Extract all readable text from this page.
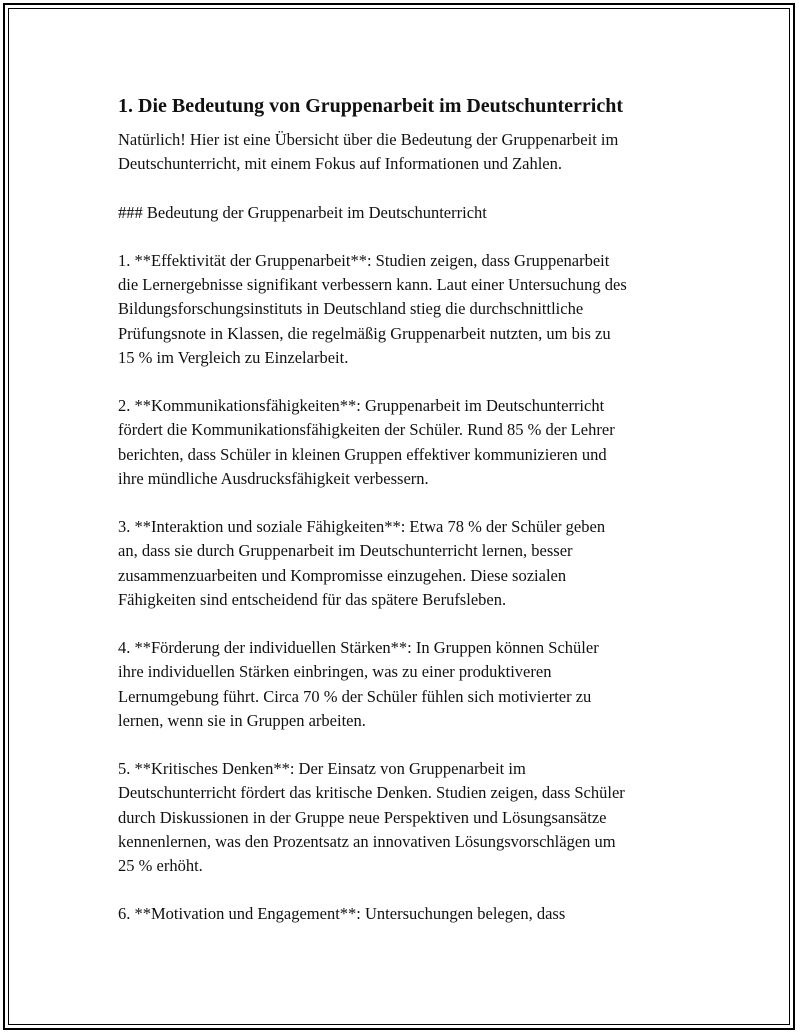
1. Die Bedeutung von Gruppenarbeit im Deutschunterricht

Natürlich! Hier ist eine Übersicht über die Bedeutung der Gruppenarbeit im
Deutschunterricht, mit einem Fokus auf Informationen und Zahlen.

### Bedeutung der Gruppenarbeit im Deutschunterricht

1. **Effektivität der Gruppenarbeit**: Studien zeigen, dass Gruppenarbeit
die Lernergebnisse signifikant verbessern kann. Laut einer Untersuchung des
Bildungsforschungsinstituts in Deutschland stieg die durchschnittliche
Prüfungsnote in Klassen, die regelmäßig Gruppenarbeit nutzten, um bis zu
15 % im Vergleich zu Einzelarbeit.

2. **Kommunikationsfähigkeiten**: Gruppenarbeit im Deutschunterricht
fördert die Kommunikationsfähigkeiten der Schüler. Rund 85 % der Lehrer
berichten, dass Schüler in kleinen Gruppen effektiver kommunizieren und
ihre mündliche Ausdrucksfähigkeit verbessern.

3. **Interaktion und soziale Fähigkeiten**: Etwa 78 % der Schüler geben
an, dass sie durch Gruppenarbeit im Deutschunterricht lernen, besser
zusammenzuarbeiten und Kompromisse einzugehen. Diese sozialen
Fähigkeiten sind entscheidend für das spätere Berufsleben.

4. **Förderung der individuellen Stärken**: In Gruppen können Schüler
ihre individuellen Stärken einbringen, was zu einer produktiveren
Lernumgebung führt. Circa 70 % der Schüler fühlen sich motivierter zu
lernen, wenn sie in Gruppen arbeiten.

5. **Kritisches Denken**: Der Einsatz von Gruppenarbeit im
Deutschunterricht fördert das kritische Denken. Studien zeigen, dass Schüler
durch Diskussionen in der Gruppe neue Perspektiven und Lösungsansätze
kennenlernen, was den Prozentsatz an innovativen Lösungsvorschlägen um
25 % erhöht.

6. **Motivation und Engagement**: Untersuchungen belegen, dass
